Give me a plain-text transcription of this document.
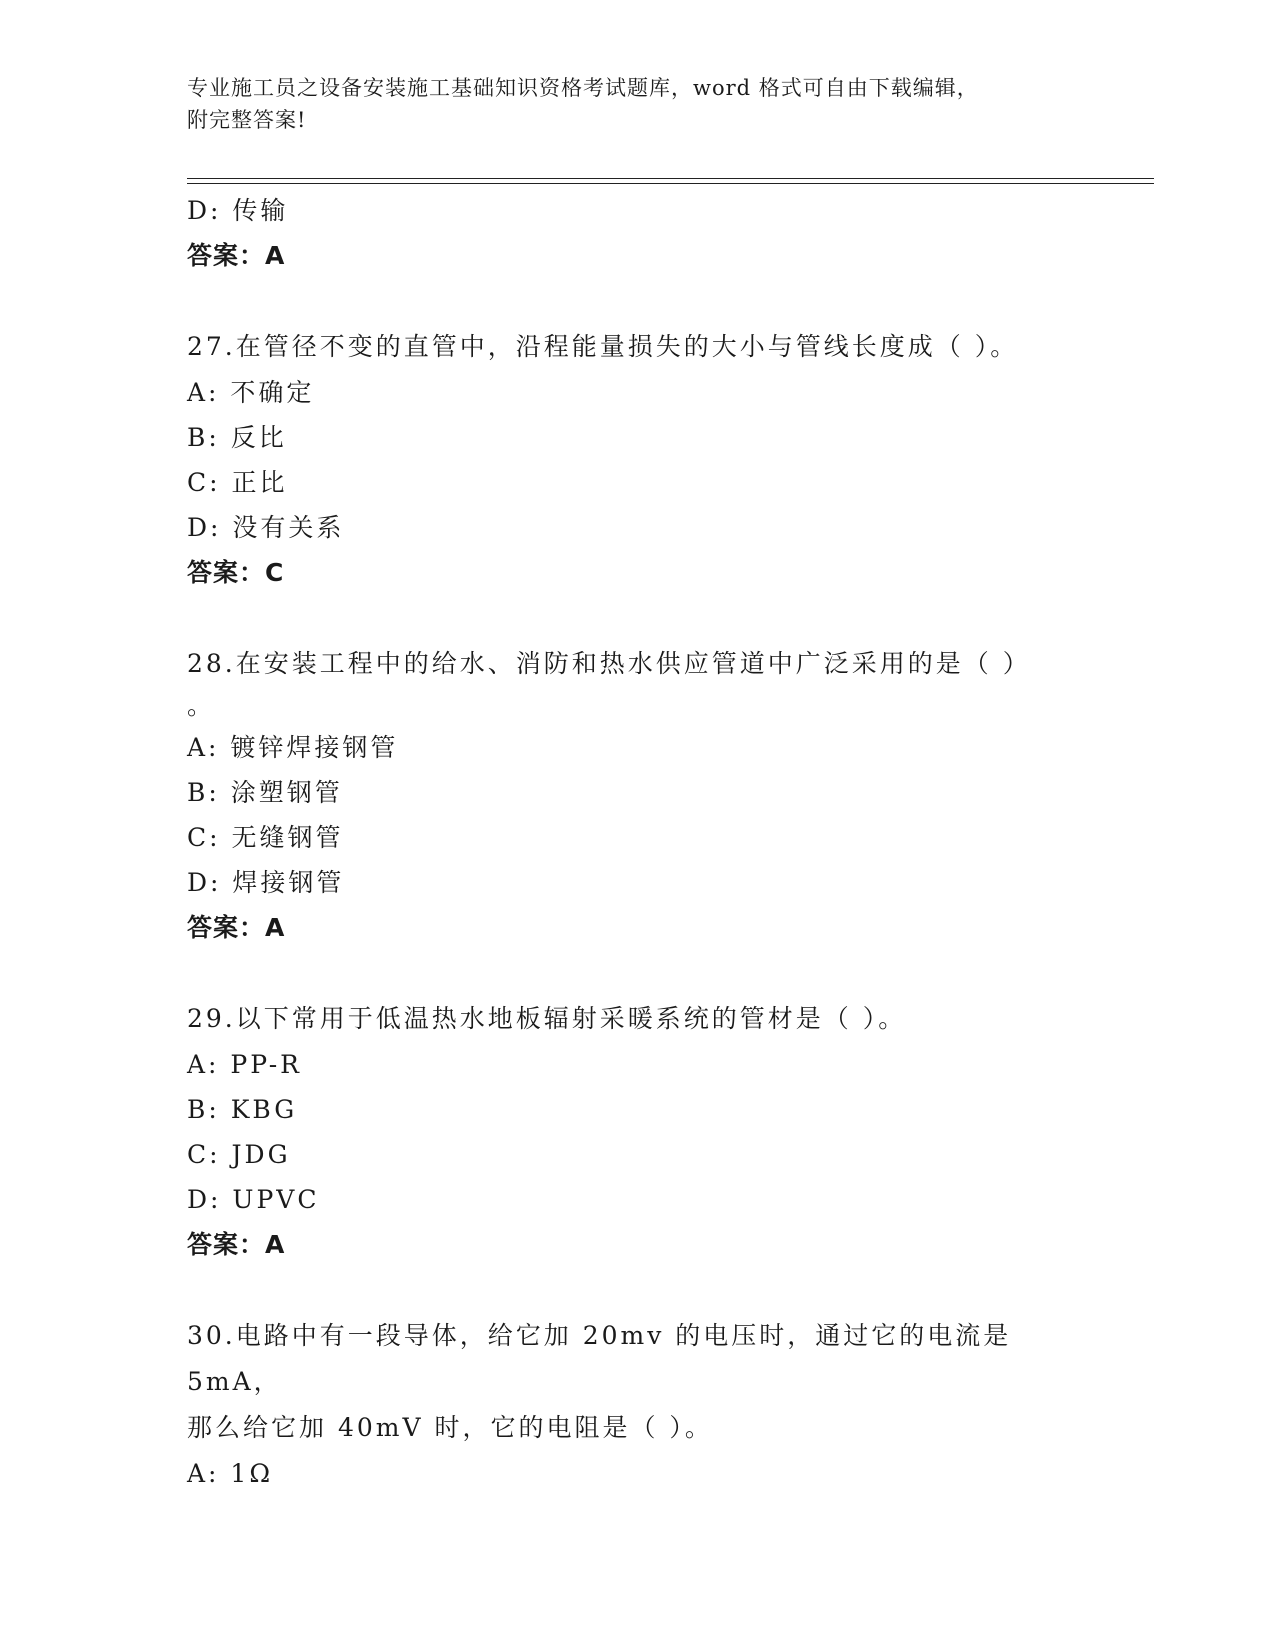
专业施工员之设备安装施工基础知识资格考试题库，word 格式可自由下载编辑，
附完整答案!
D: 传输
答案：A
27.在管径不变的直管中，沿程能量损失的大小与管线长度成（ ）。
A: 不确定
B: 反比
C: 正比
D: 没有关系
答案：C
28.在安装工程中的给水、消防和热水供应管道中广泛采用的是（ ）
。
A: 镀锌焊接钢管
B: 涂塑钢管
C: 无缝钢管
D: 焊接钢管
答案：A
29.以下常用于低温热水地板辐射采暖系统的管材是（ ）。
A: PP-R
B: KBG
C: JDG
D: UPVC
答案：A
30.电路中有一段导体，给它加 20mv 的电压时，通过它的电流是 5mA，
那么给它加 40mV 时，它的电阻是（ ）。
A: 1Ω
